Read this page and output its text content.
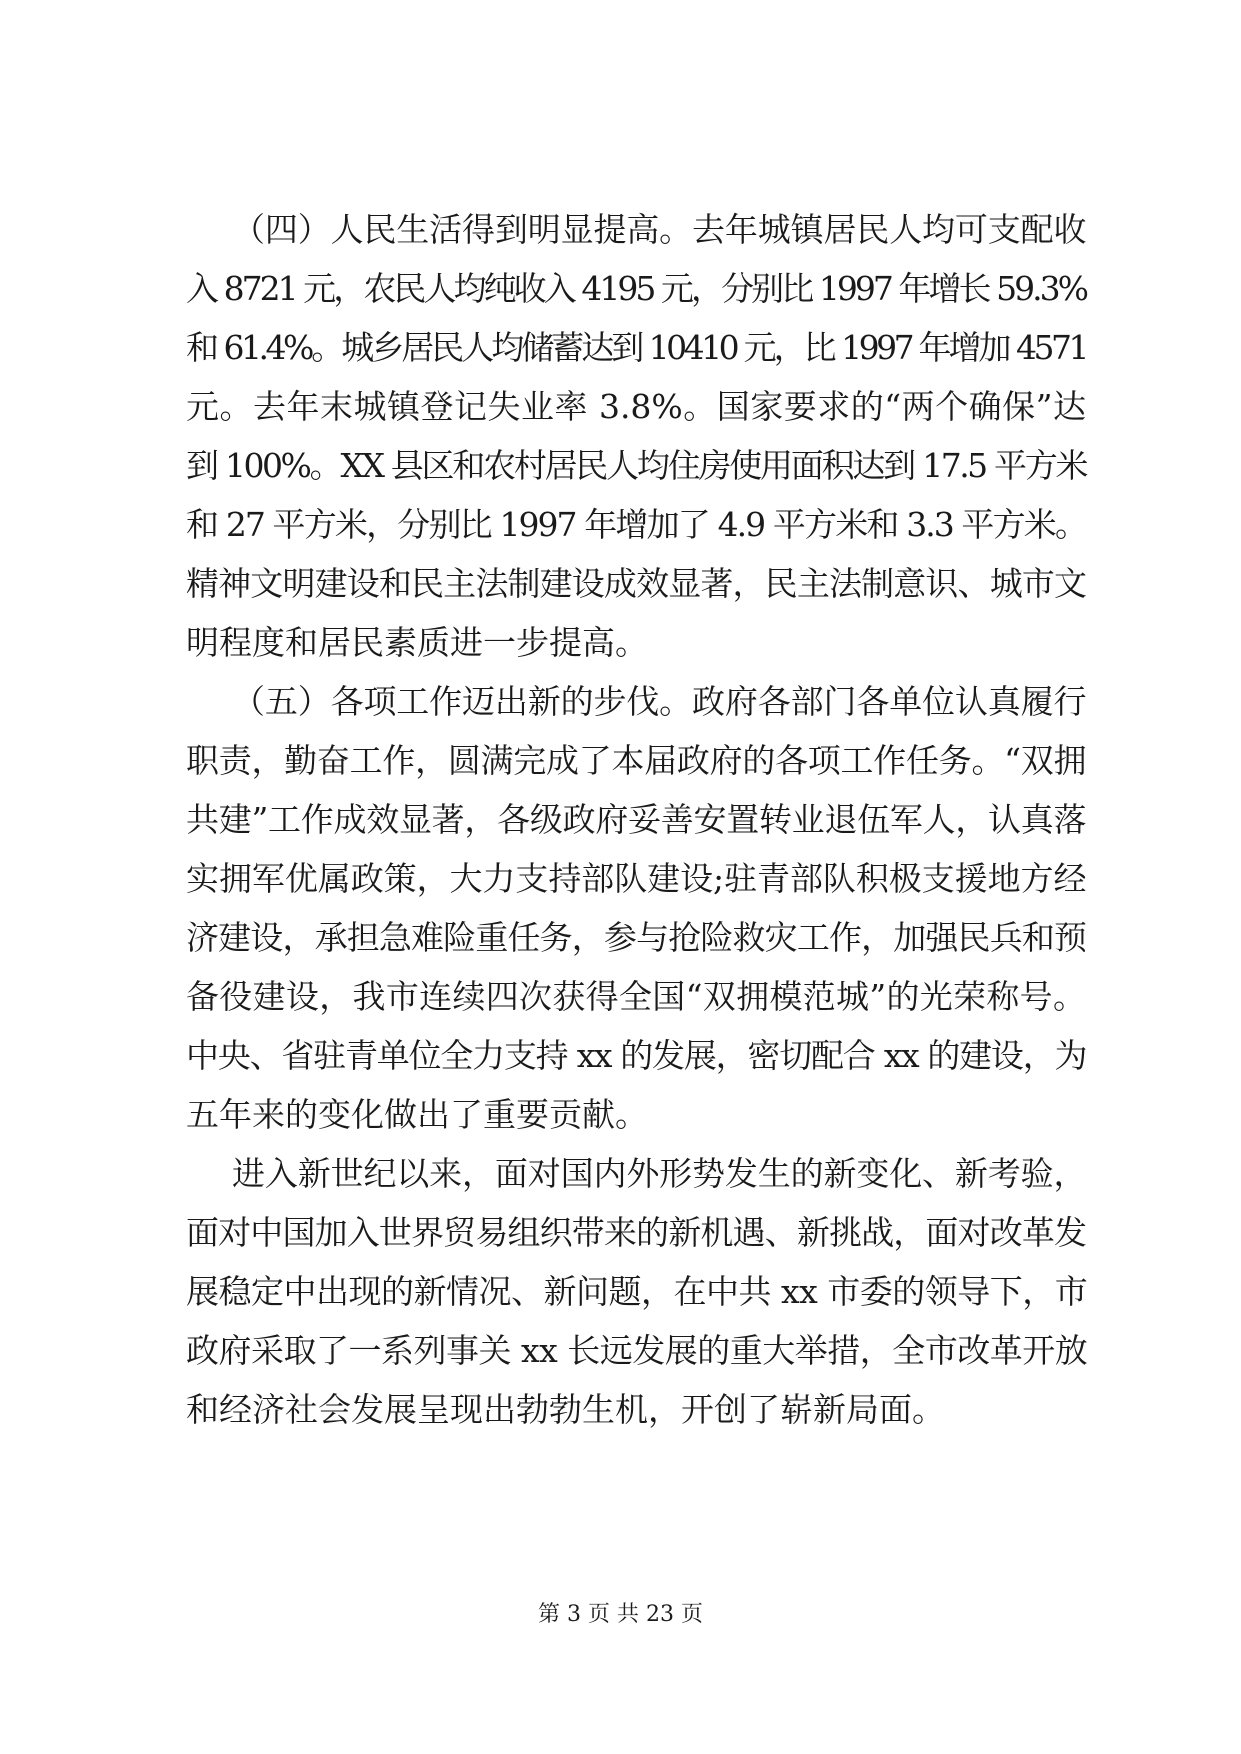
（四）人民生活得到明显提高。去年城镇居民人均可支配收
入 8721 元，农民人均纯收入 4195 元，分别比 1997 年增长 59.3%
和 61.4%。城乡居民人均储蓄达到 10410 元，比 1997 年增加 4571
元。去年末城镇登记失业率 3.8%。国家要求的“两个确保”达
到 100%。XX 县区和农村居民人均住房使用面积达到 17.5 平方米
和 27 平方米，分别比 1997 年增加了 4.9 平方米和 3.3 平方米。
精神文明建设和民主法制建设成效显著，民主法制意识、城市文
明程度和居民素质进一步提高。
（五）各项工作迈出新的步伐。政府各部门各单位认真履行
职责，勤奋工作，圆满完成了本届政府的各项工作任务。“双拥
共建”工作成效显著，各级政府妥善安置转业退伍军人，认真落
实拥军优属政策，大力支持部队建设;驻青部队积极支援地方经
济建设，承担急难险重任务，参与抢险救灾工作，加强民兵和预
备役建设，我市连续四次获得全国“双拥模范城”的光荣称号。
中央、省驻青单位全力支持 xx 的发展，密切配合 xx 的建设，为
五年来的变化做出了重要贡献。
进入新世纪以来，面对国内外形势发生的新变化、新考验，
面对中国加入世界贸易组织带来的新机遇、新挑战，面对改革发
展稳定中出现的新情况、新问题，在中共 xx 市委的领导下，市
政府采取了一系列事关 xx 长远发展的重大举措，全市改革开放
和经济社会发展呈现出勃勃生机，开创了崭新局面。
第 3 页 共 23 页
